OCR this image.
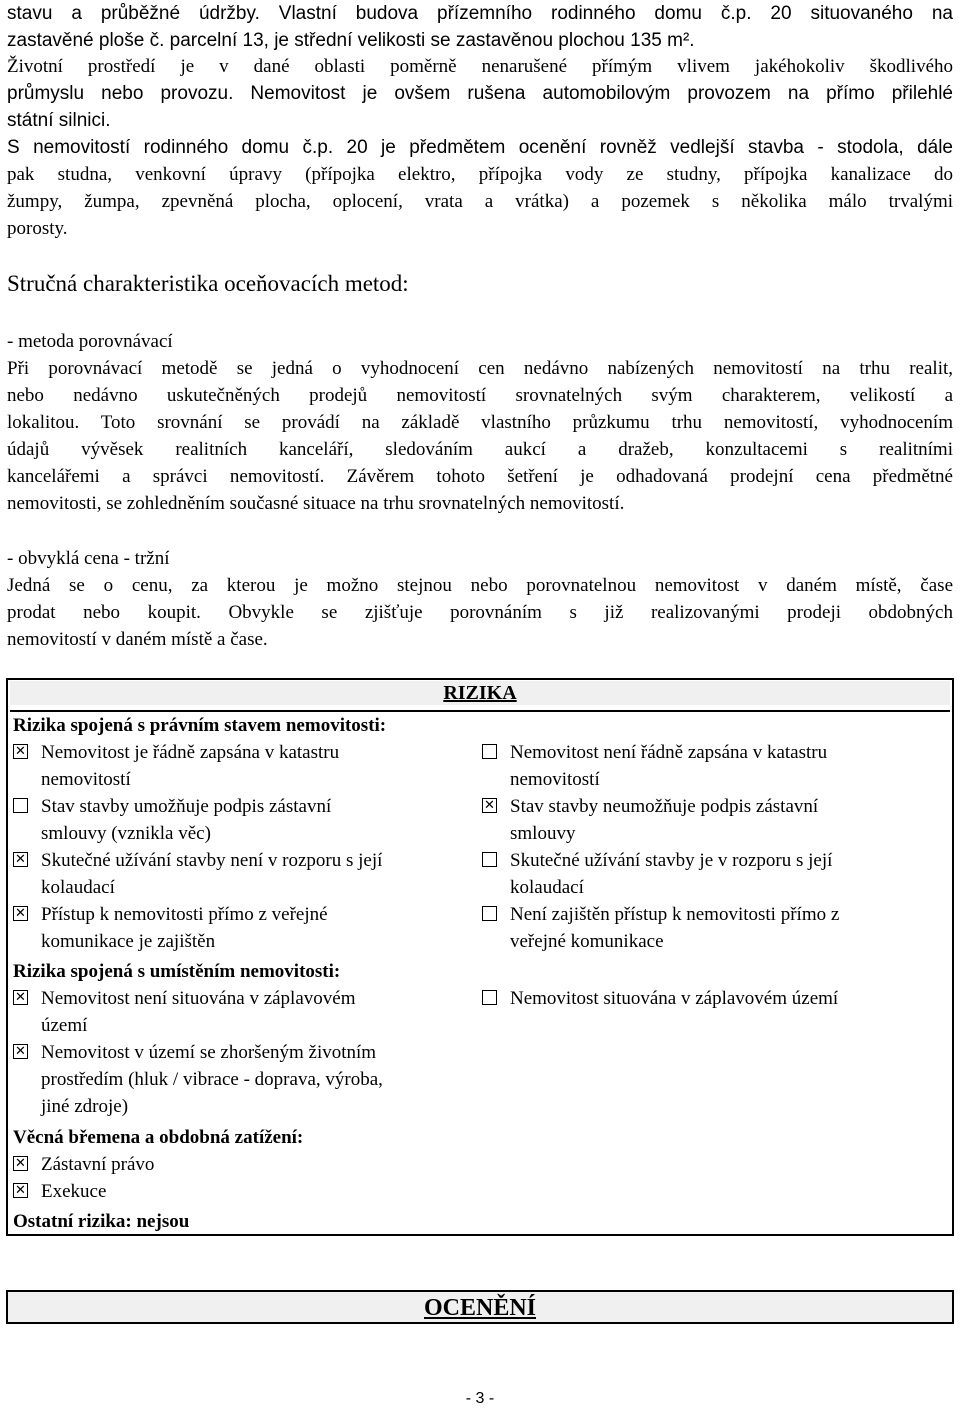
stavu a průběžné údržby. Vlastní budova přízemního rodinného domu č.p. 20 situovaného na
zastavěné ploše č. parcelní 13, je střední velikosti se zastavěnou plochou 135 m².
Životní prostředí je v dané oblasti poměrně nenarušené přímým vlivem jakéhokoliv škodlivého
průmyslu nebo provozu. Nemovitost je ovšem rušena automobilovým provozem na přímo přilehlé
státní silnici.
S nemovitostí rodinného domu č.p. 20 je předmětem ocenění rovněž vedlejší stavba - stodola, dále
pak studna, venkovní úpravy (přípojka elektro, přípojka vody ze studny, přípojka kanalizace do
žumpy, žumpa, zpevněná plocha, oplocení, vrata a vrátka) a pozemek s několika málo trvalými
porosty.
Stručná charakteristika oceňovacích metod:
- metoda porovnávací
Při porovnávací metodě se jedná o vyhodnocení cen nedávno nabízených nemovitostí na trhu realit,
nebo nedávno uskutečněných prodejů nemovitostí srovnatelných svým charakterem, velikostí a
lokalitou. Toto srovnání se provádí na základě vlastního průzkumu trhu nemovitostí, vyhodnocením
údajů vývěsek realitních kanceláří, sledováním aukcí a dražeb, konzultacemi s realitními
kancelářemi a správci nemovitostí. Závěrem tohoto šetření je odhadovaná prodejní cena předmětné
nemovitosti, se zohledněním současné situace na trhu srovnatelných nemovitostí.
- obvyklá cena - tržní
Jedná se o cenu, za kterou je možno stejnou nebo porovnatelnou nemovitost v daném místě, čase
prodat nebo koupit. Obvykle se zjišťuje porovnáním s již realizovanými prodeji obdobných
nemovitostí v daném místě a čase.
RIZIKA
Rizika spojená s právním stavem nemovitosti:
✕ Nemovitost je řádně zapsána v katastru
nemovitostí
Nemovitost není řádně zapsána v katastru
nemovitostí
Stav stavby umožňuje podpis zástavní
smlouvy (vznikla věc)
✕ Stav stavby neumožňuje podpis zástavní
smlouvy
✕ Skutečné užívání stavby není v rozporu s její
kolaudací
Skutečné užívání stavby je v rozporu s její
kolaudací
✕ Přístup k nemovitosti přímo z veřejné
komunikace je zajištěn
Není zajištěn přístup k nemovitosti přímo z
veřejné komunikace
Rizika spojená s umístěním nemovitosti:
✕ Nemovitost není situována v záplavovém
území
Nemovitost situována v záplavovém území
✕ Nemovitost v území se zhoršeným životním
prostředím (hluk / vibrace - doprava, výroba,
jiné zdroje)
Věcná břemena a obdobná zatížení:
✕ Zástavní právo
✕ Exekuce
Ostatní rizika: nejsou
OCENĚNÍ
- 3 -
